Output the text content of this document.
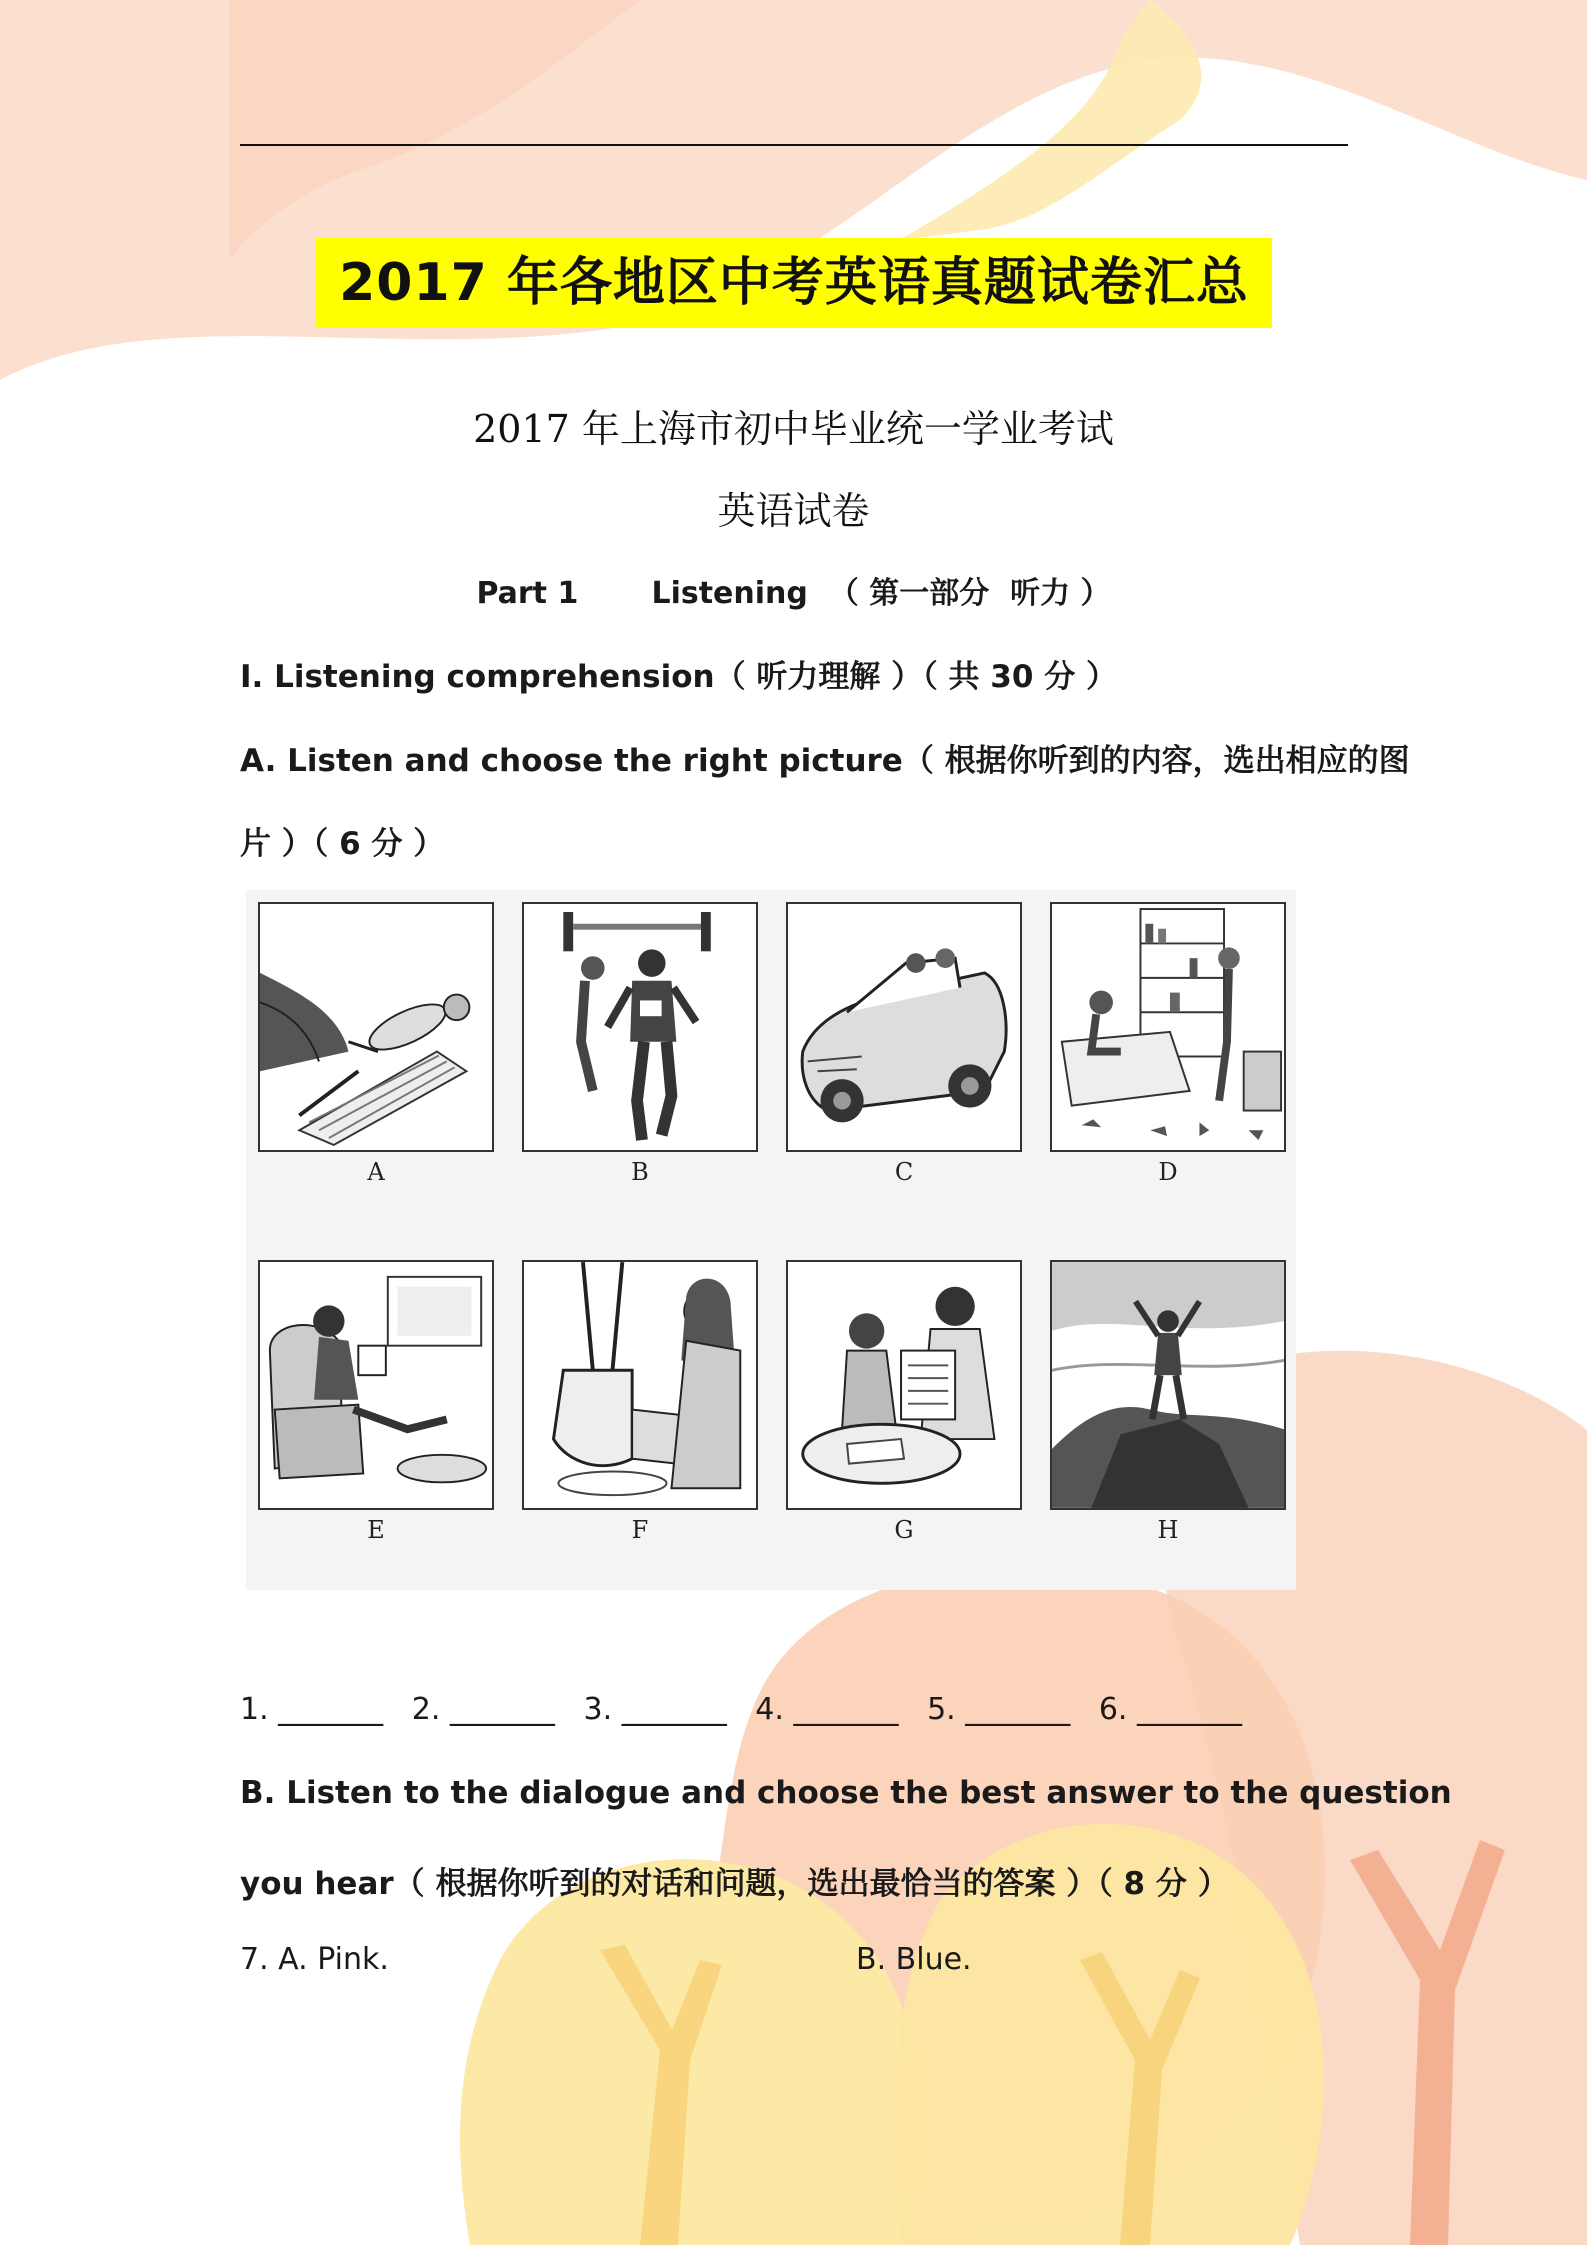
2017 年各地区中考英语真题试卷汇总
2017 年上海市初中毕业统一学业考试
英语试卷
Part 1 Listening （ 第一部分  听力 ）
I. Listening comprehension（ 听力理解 ）（ 共 30 分 ）
A. Listen and choose the right picture（ 根据你听到的内容，选出相应的图
片 ）（ 6 分 ）
A	B	C	D
E	F	G	H
1. _______   2. _______   3. _______   4. _______   5. _______   6. _______
B. Listen to the dialogue and choose the best answer to the question
you hear（ 根据你听到的对话和问题，选出最恰当的答案 ）（ 8 分 ）
7. A. Pink.	B. Blue.
